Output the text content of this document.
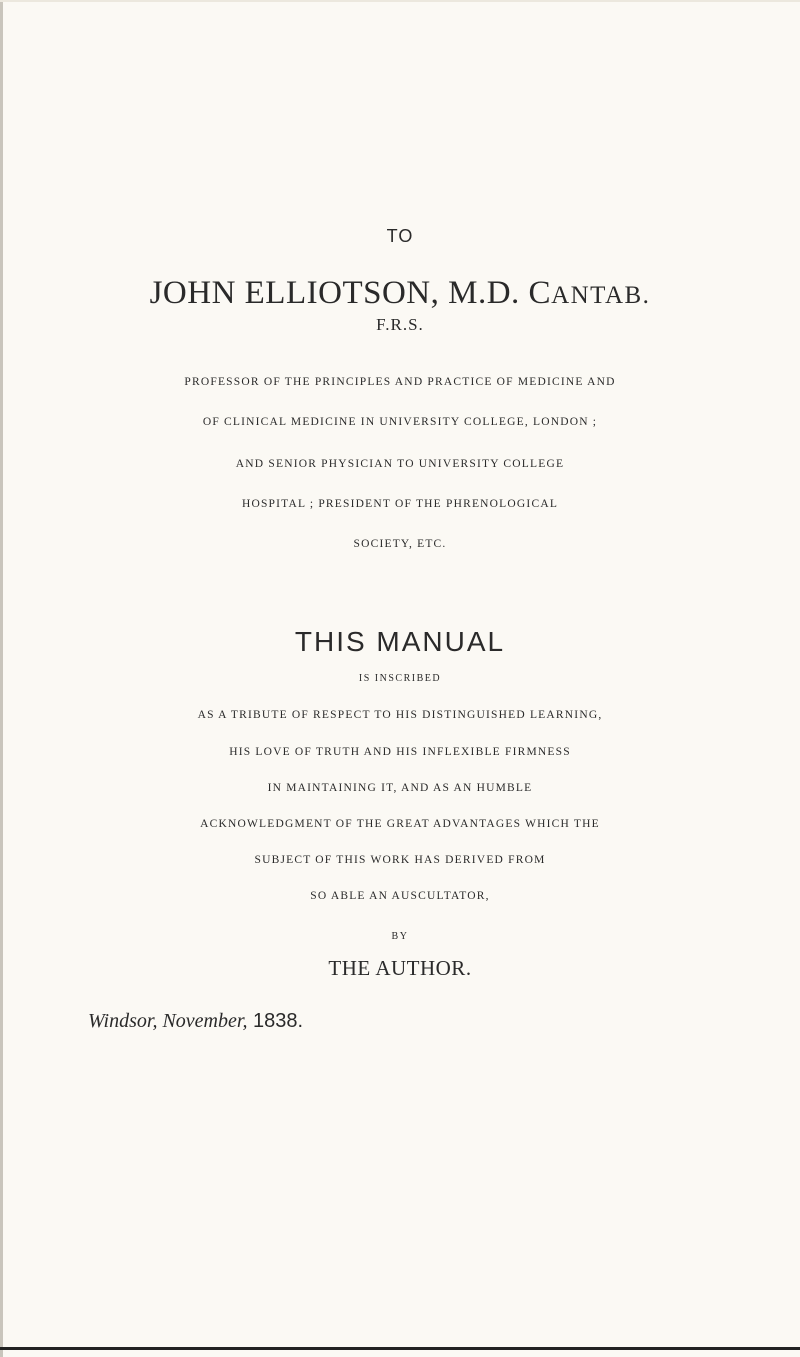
TO
JOHN ELLIOTSON, M.D. CANTAB.
F.R.S.
PROFESSOR OF THE PRINCIPLES AND PRACTICE OF MEDICINE AND
OF CLINICAL MEDICINE IN UNIVERSITY COLLEGE, LONDON ;
AND SENIOR PHYSICIAN TO UNIVERSITY COLLEGE
HOSPITAL ; PRESIDENT OF THE PHRENOLOGICAL
SOCIETY, ETC.
THIS MANUAL
IS INSCRIBED
AS A TRIBUTE OF RESPECT TO HIS DISTINGUISHED LEARNING,
HIS LOVE OF TRUTH AND HIS INFLEXIBLE FIRMNESS
IN MAINTAINING IT, AND AS AN HUMBLE
ACKNOWLEDGMENT OF THE GREAT ADVANTAGES WHICH THE
SUBJECT OF THIS WORK HAS DERIVED FROM
SO ABLE AN AUSCULTATOR,
BY
THE AUTHOR.
Windsor, November, 1838.
